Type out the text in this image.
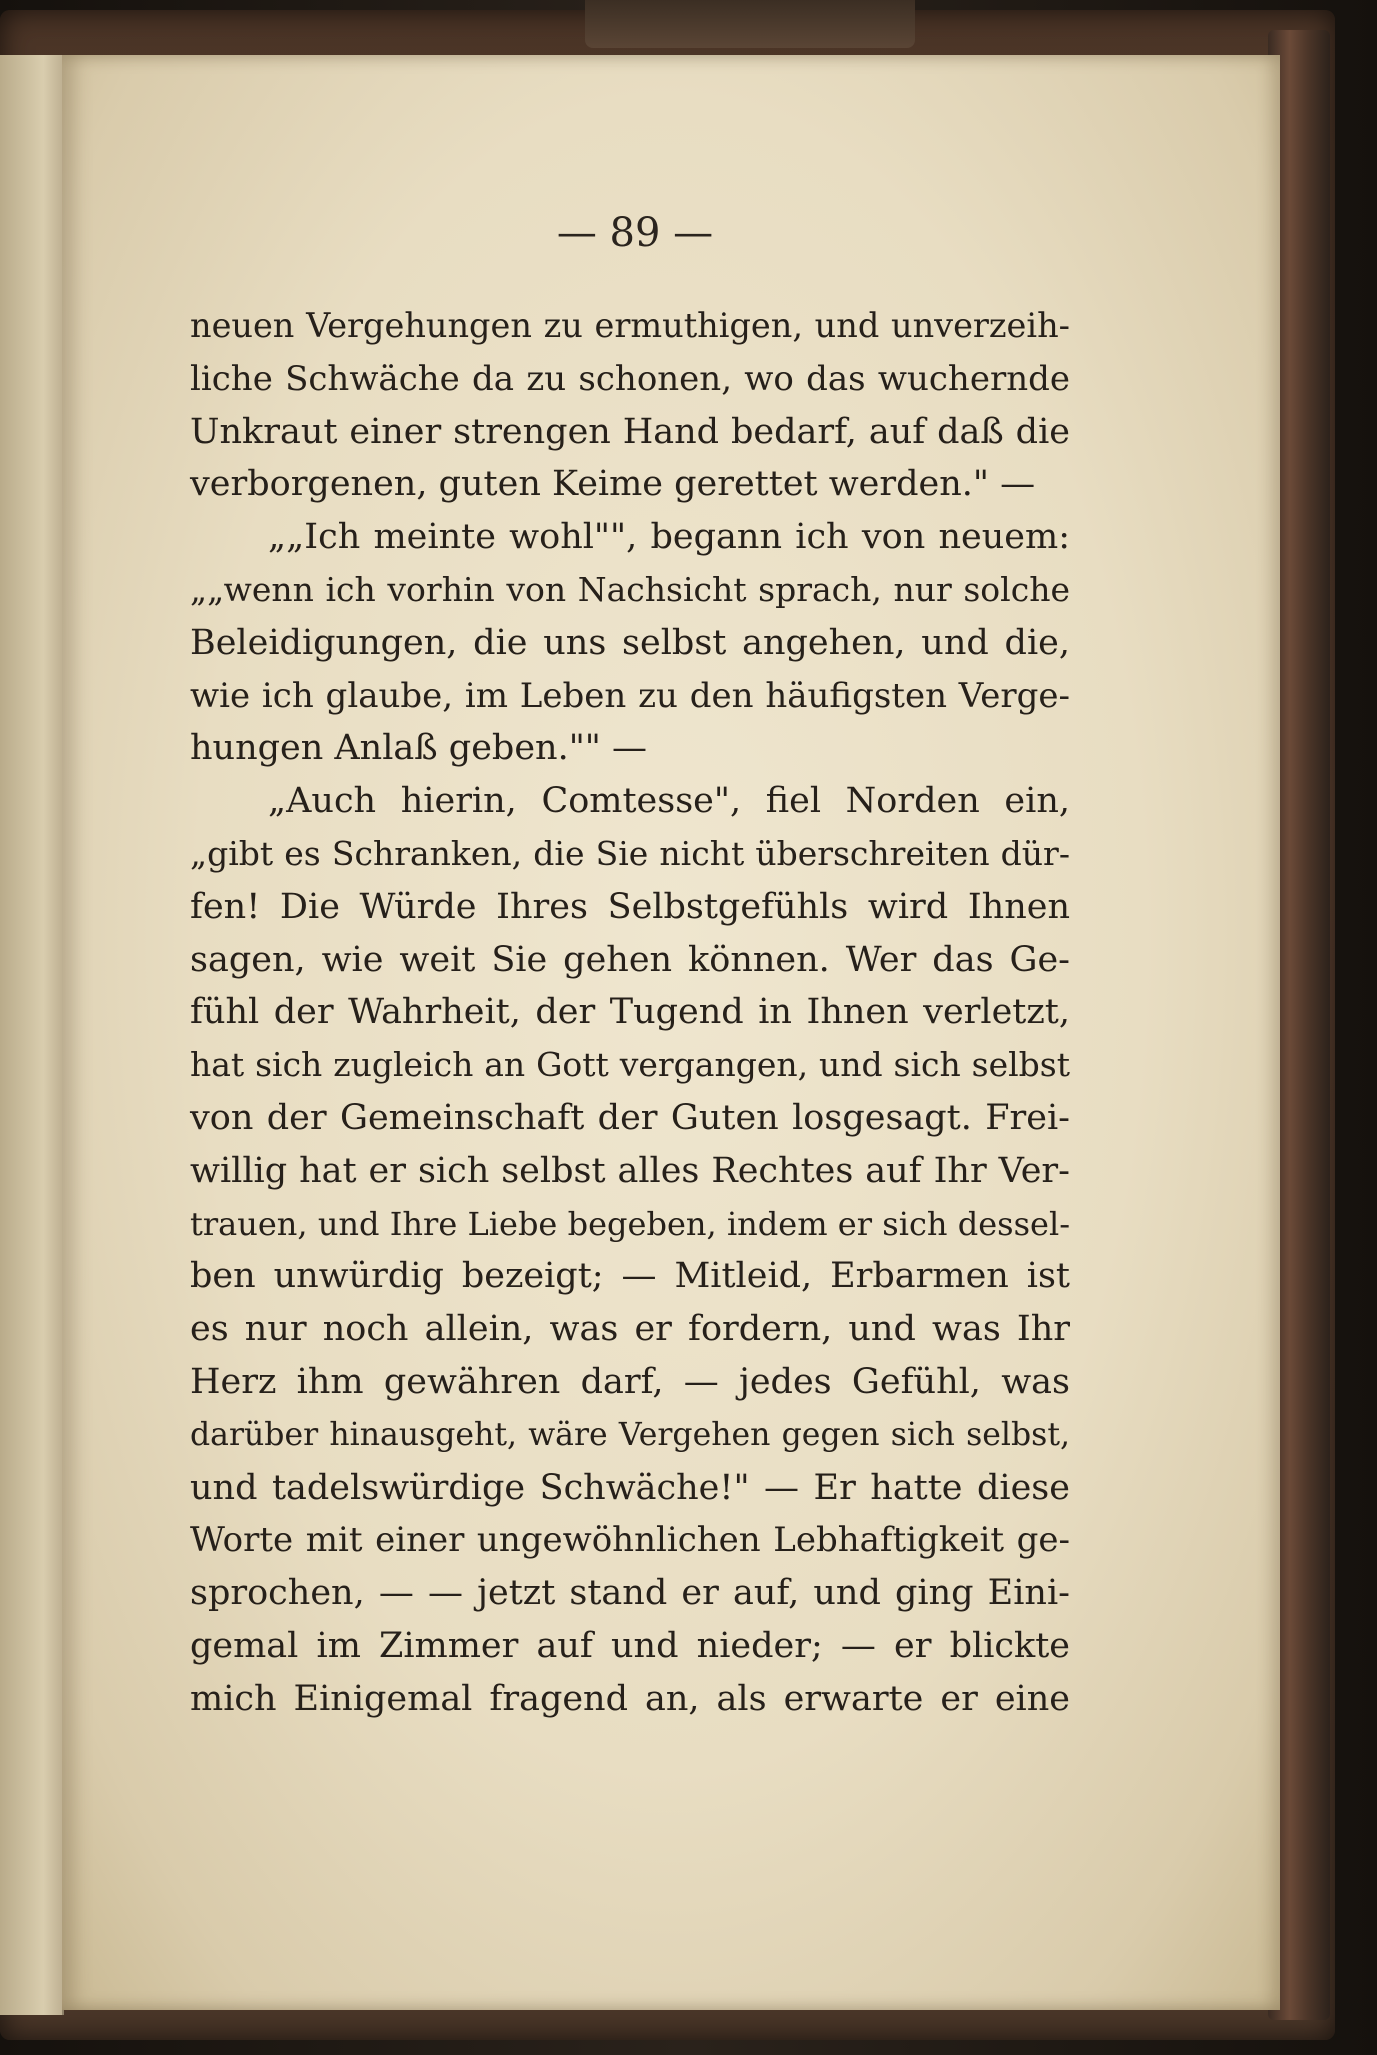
— 89 —

neuen Vergehungen zu ermuthigen, und unverzeih-
liche Schwäche da zu schonen, wo das wuchernde
Unkraut einer strengen Hand bedarf, auf daß die
verborgenen, guten Keime gerettet werden." —
„„Ich meinte wohl"", begann ich von neuem:
„„wenn ich vorhin von Nachsicht sprach, nur solche
Beleidigungen, die uns selbst angehen, und die,
wie ich glaube, im Leben zu den häufigsten Verge-
hungen Anlaß geben."" —
„Auch hierin, Comtesse", fiel Norden ein,
„gibt es Schranken, die Sie nicht überschreiten dür-
fen! Die Würde Ihres Selbstgefühls wird Ihnen
sagen, wie weit Sie gehen können. Wer das Ge-
fühl der Wahrheit, der Tugend in Ihnen verletzt,
hat sich zugleich an Gott vergangen, und sich selbst
von der Gemeinschaft der Guten losgesagt. Frei-
willig hat er sich selbst alles Rechtes auf Ihr Ver-
trauen, und Ihre Liebe begeben, indem er sich dessel-
ben unwürdig bezeigt; — Mitleid, Erbarmen ist
es nur noch allein, was er fordern, und was Ihr
Herz ihm gewähren darf, — jedes Gefühl, was
darüber hinausgeht, wäre Vergehen gegen sich selbst,
und tadelswürdige Schwäche!" — Er hatte diese
Worte mit einer ungewöhnlichen Lebhaftigkeit ge-
sprochen, — — jetzt stand er auf, und ging Eini-
gemal im Zimmer auf und nieder; — er blickte
mich Einigemal fragend an, als erwarte er eine
